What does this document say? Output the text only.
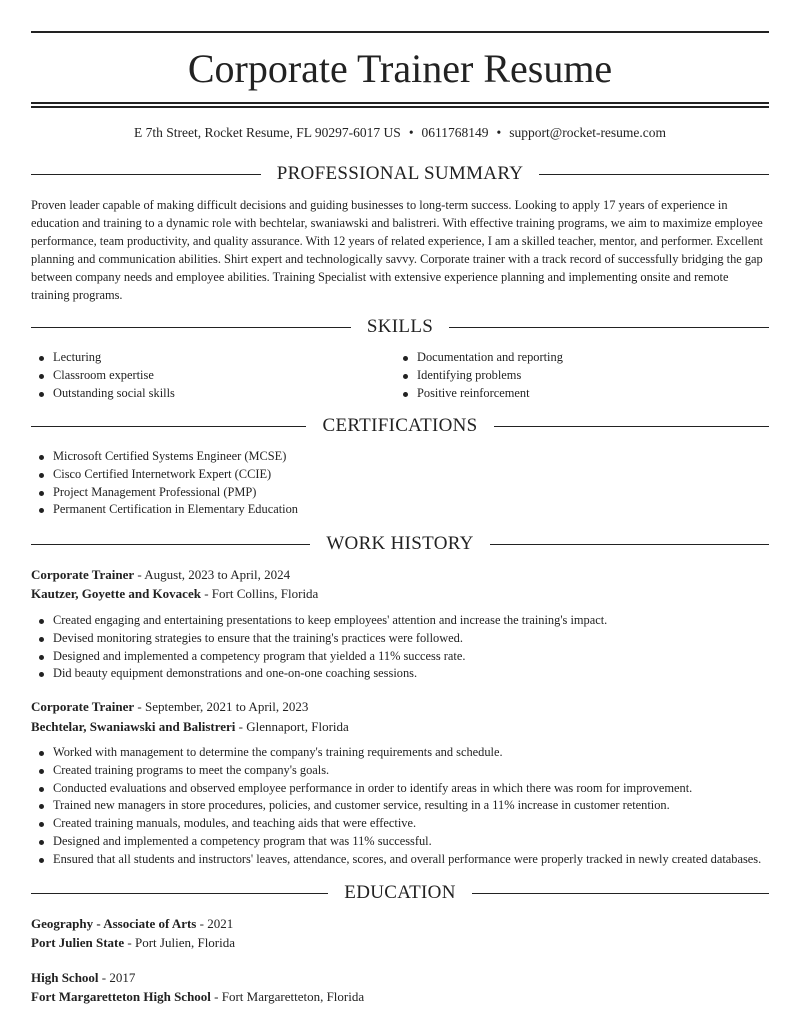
Corporate Trainer Resume
E 7th Street, Rocket Resume, FL 90297-6017 US • 0611768149 • support@rocket-resume.com
PROFESSIONAL SUMMARY
Proven leader capable of making difficult decisions and guiding businesses to long-term success. Looking to apply 17 years of experience in education and training to a dynamic role with bechtelar, swaniawski and balistreri. With effective training programs, we aim to maximize employee performance, team productivity, and quality assurance. With 12 years of related experience, I am a skilled teacher, mentor, and performer. Excellent planning and communication abilities. Shirt expert and technologically savvy. Corporate trainer with a track record of successfully bridging the gap between company needs and employee abilities. Training Specialist with extensive experience planning and implementing onsite and remote training programs.
SKILLS
Lecturing
Classroom expertise
Outstanding social skills
Documentation and reporting
Identifying problems
Positive reinforcement
CERTIFICATIONS
Microsoft Certified Systems Engineer (MCSE)
Cisco Certified Internetwork Expert (CCIE)
Project Management Professional (PMP)
Permanent Certification in Elementary Education
WORK HISTORY
Corporate Trainer - August, 2023 to April, 2024
Kautzer, Goyette and Kovacek - Fort Collins, Florida
Created engaging and entertaining presentations to keep employees' attention and increase the training's impact.
Devised monitoring strategies to ensure that the training's practices were followed.
Designed and implemented a competency program that yielded a 11% success rate.
Did beauty equipment demonstrations and one-on-one coaching sessions.
Corporate Trainer - September, 2021 to April, 2023
Bechtelar, Swaniawski and Balistreri - Glennaport, Florida
Worked with management to determine the company's training requirements and schedule.
Created training programs to meet the company's goals.
Conducted evaluations and observed employee performance in order to identify areas in which there was room for improvement.
Trained new managers in store procedures, policies, and customer service, resulting in a 11% increase in customer retention.
Created training manuals, modules, and teaching aids that were effective.
Designed and implemented a competency program that was 11% successful.
Ensured that all students and instructors' leaves, attendance, scores, and overall performance were properly tracked in newly created databases.
EDUCATION
Geography - Associate of Arts - 2021
Port Julien State - Port Julien, Florida
High School - 2017
Fort Margaretteton High School - Fort Margaretteton, Florida
